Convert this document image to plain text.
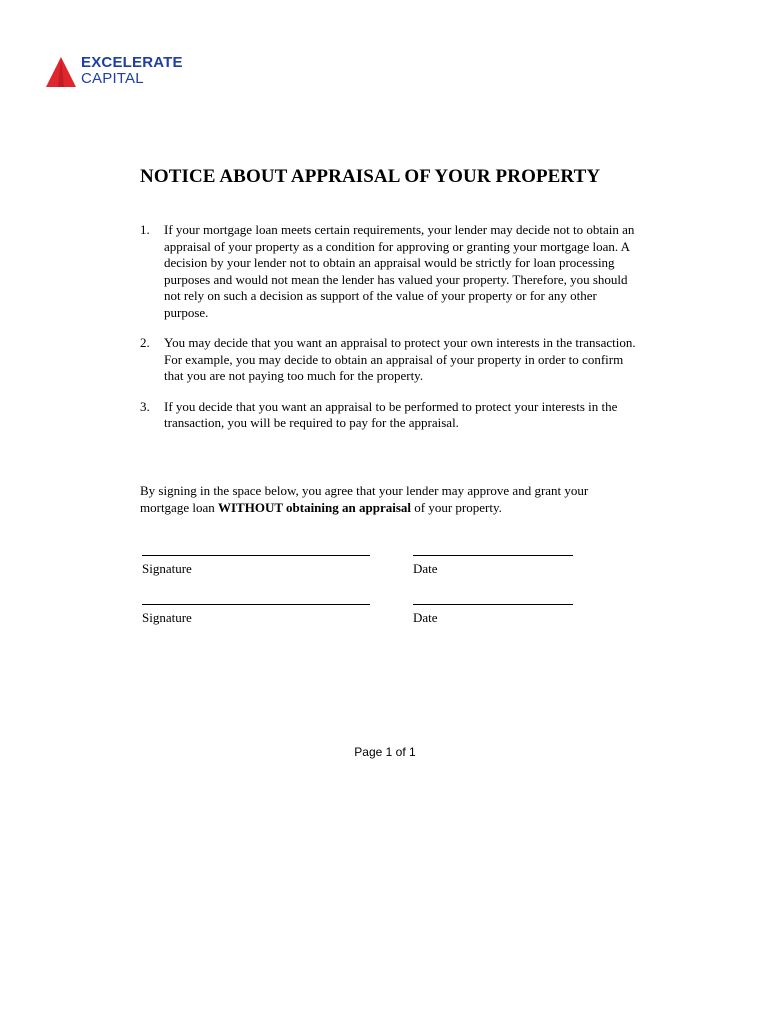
EXCELERATE
CAPITAL
NOTICE ABOUT APPRAISAL OF YOUR PROPERTY
1.	If your mortgage loan meets certain requirements, your lender may decide not to obtain an appraisal of your property as a condition for approving or granting your mortgage loan. A decision by your lender not to obtain an appraisal would be strictly for loan processing purposes and would not mean the lender has valued your property. Therefore, you should not rely on such a decision as support of the value of your property or for any other purpose.
2.	You may decide that you want an appraisal to protect your own interests in the transaction. For example, you may decide to obtain an appraisal of your property in order to confirm that you are not paying too much for the property.
3.	If you decide that you want an appraisal to be performed to protect your interests in the transaction, you will be required to pay for the appraisal.

By signing in the space below, you agree that your lender may approve and grant your mortgage loan WITHOUT obtaining an appraisal of your property.

Signature	Date
Signature	Date
Page 1 of 1
